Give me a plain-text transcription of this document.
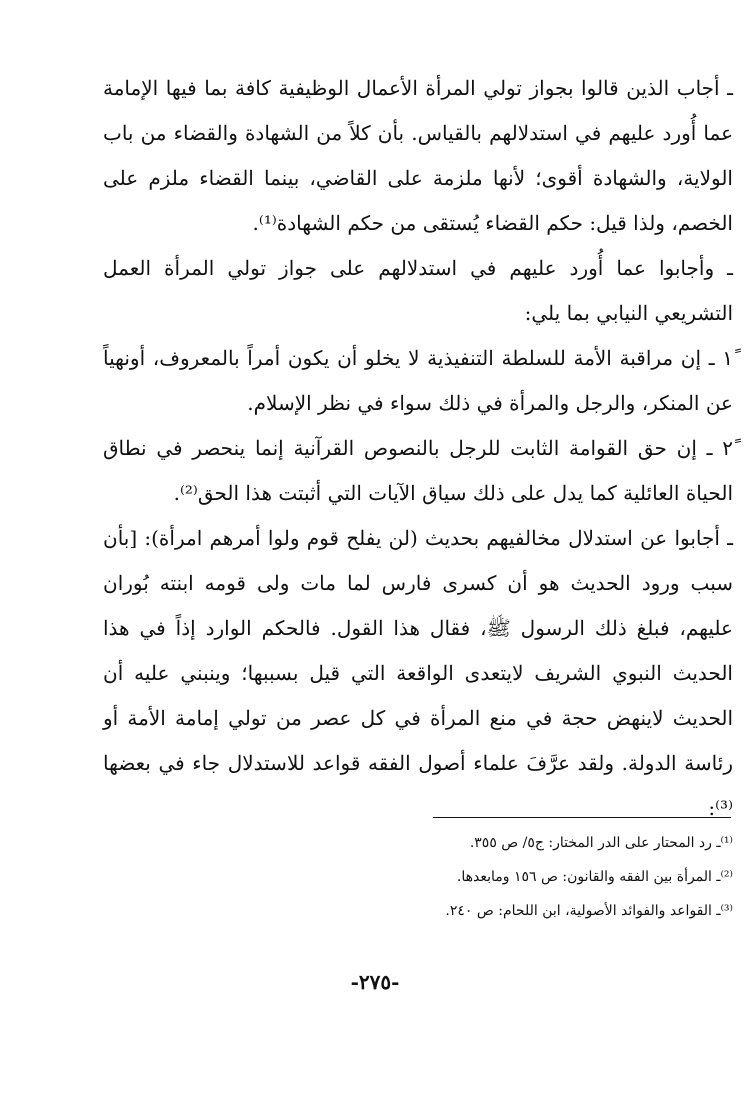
ـ أجاب الذين قالوا بجواز تولي المرأة الأعمال الوظيفية كافة بما فيها الإمامة عما أُورد عليهم في استدلالهم بالقياس. بأن كلاً من الشهادة والقضاء من باب الولاية، والشهادة أقوى؛ لأنها ملزمة على القاضي، بينما القضاء ملزم على الخصم، ولذا قيل: حكم القضاء يُستقى من حكم الشهادة⁽¹⁾.

ـ وأجابوا عما أُورد عليهم في استدلالهم على جواز تولي المرأة العمل التشريعي النيابي بما يلي:

١ً ـ إن مراقبة الأمة للسلطة التنفيذية لا يخلو أن يكون أمراً بالمعروف، أونهياً عن المنكر، والرجل والمرأة في ذلك سواء في نظر الإسلام.

٢ً ـ إن حق القوامة الثابت للرجل بالنصوص القرآنية إنما ينحصر في نطاق الحياة العائلية كما يدل على ذلك سياق الآيات التي أثبتت هذا الحق⁽²⁾.

ـ أجابوا عن استدلال مخالفيهم بحديث (لن يفلح قوم ولوا أمرهم امرأة): [بأن سبب ورود الحديث هو أن كسرى فارس لما مات ولى قومه ابنته بُوران عليهم، فبلغ ذلك الرسول ﷺ، فقال هذا القول. فالحكم الوارد إذاً في هذا الحديث النبوي الشريف لايتعدى الواقعة التي قيل بسببها؛ وينبني عليه أن الحديث لاينهض حجة في منع المرأة في كل عصر من تولي إمامة الأمة أو رئاسة الدولة. ولقد عرَّفَ علماء أصول الفقه قواعد للاستدلال جاء في بعضها ⁽³⁾:

⁽¹⁾ـ رد المحتار على الدر المختار: ج٥/ ص ٣٥٥.

⁽²⁾ـ المرأة بين الفقه والقانون: ص ١٥٦ ومابعدها.

⁽³⁾ـ القواعد والفوائد الأصولية، ابن اللحام: ص ٢٤٠.

-٢٧٥-
